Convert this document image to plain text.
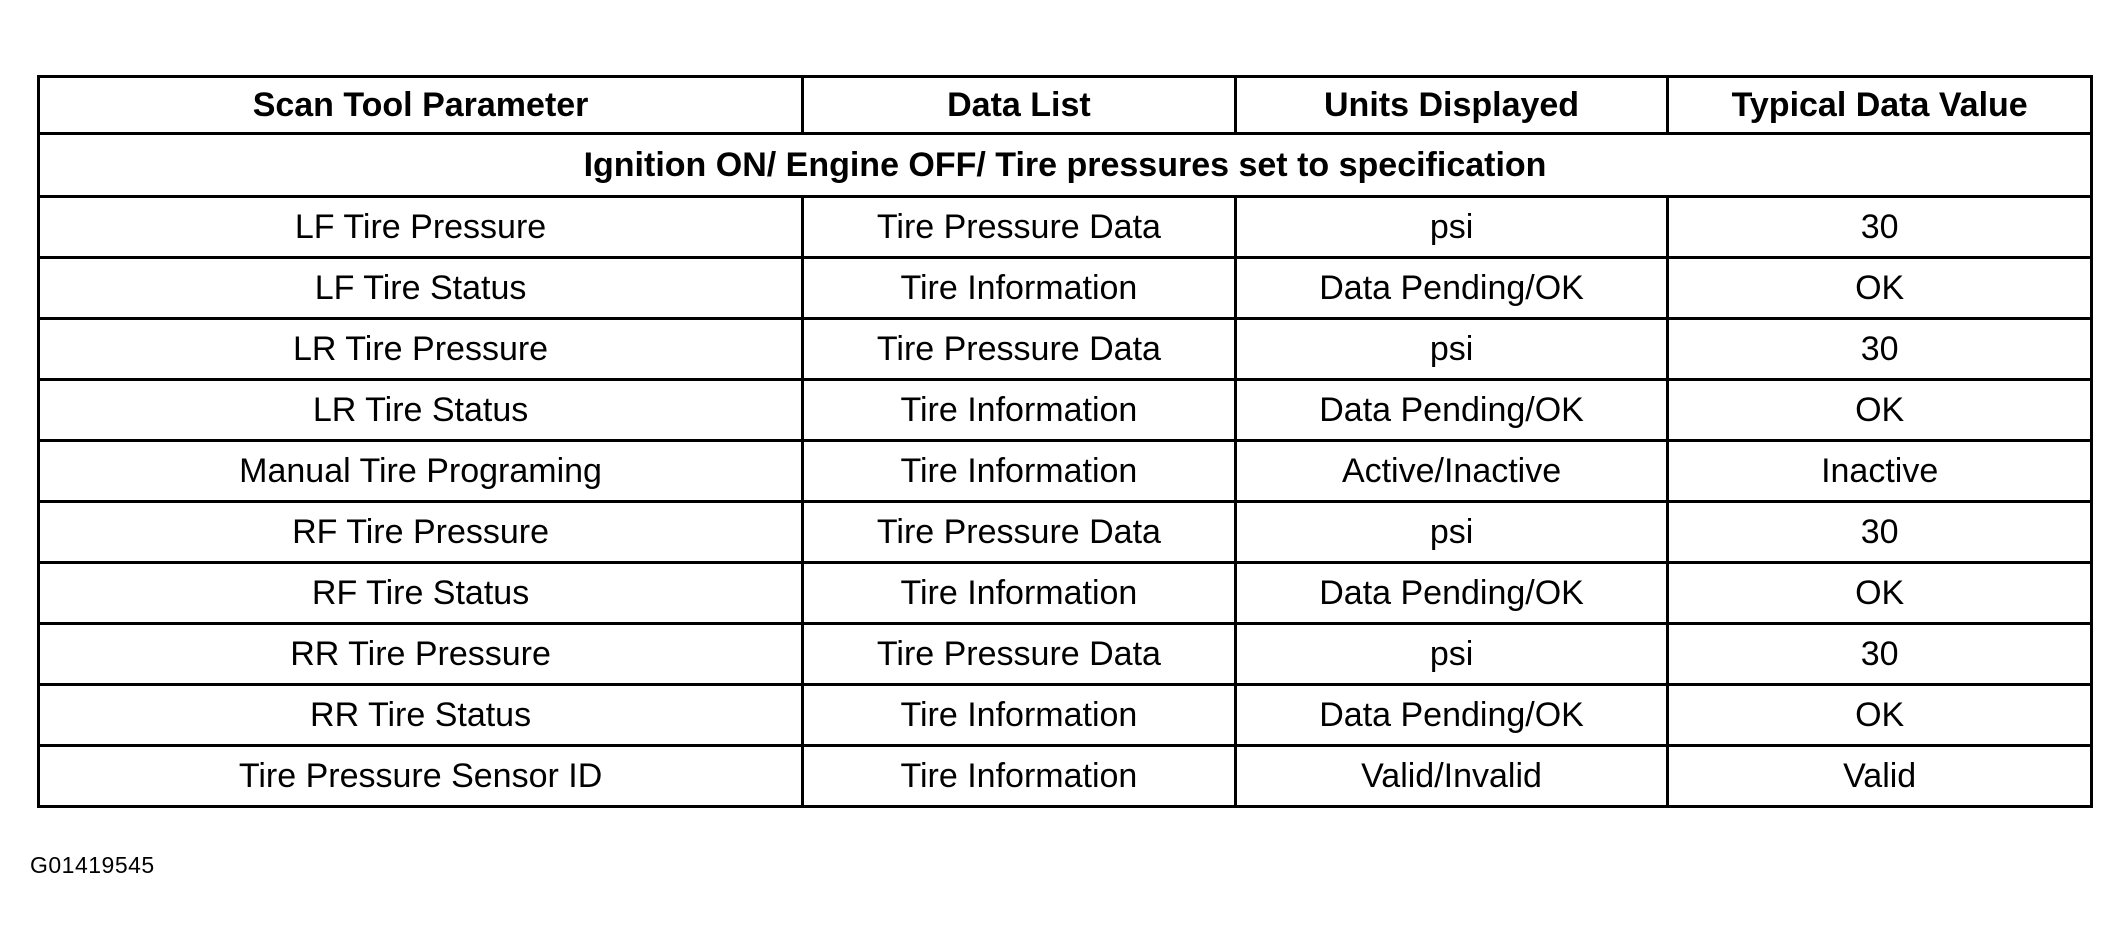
Scan Tool Parameter	Data List	Units Displayed	Typical Data Value
Ignition ON/ Engine OFF/ Tire pressures set to specification			
LF Tire Pressure	Tire Pressure Data	psi	30
LF Tire Status	Tire Information	Data Pending/OK	OK
LR Tire Pressure	Tire Pressure Data	psi	30
LR Tire Status	Tire Information	Data Pending/OK	OK
Manual Tire Programing	Tire Information	Active/Inactive	Inactive
RF Tire Pressure	Tire Pressure Data	psi	30
RF Tire Status	Tire Information	Data Pending/OK	OK
RR Tire Pressure	Tire Pressure Data	psi	30
RR Tire Status	Tire Information	Data Pending/OK	OK
Tire Pressure Sensor ID	Tire Information	Valid/Invalid	Valid
G01419545
